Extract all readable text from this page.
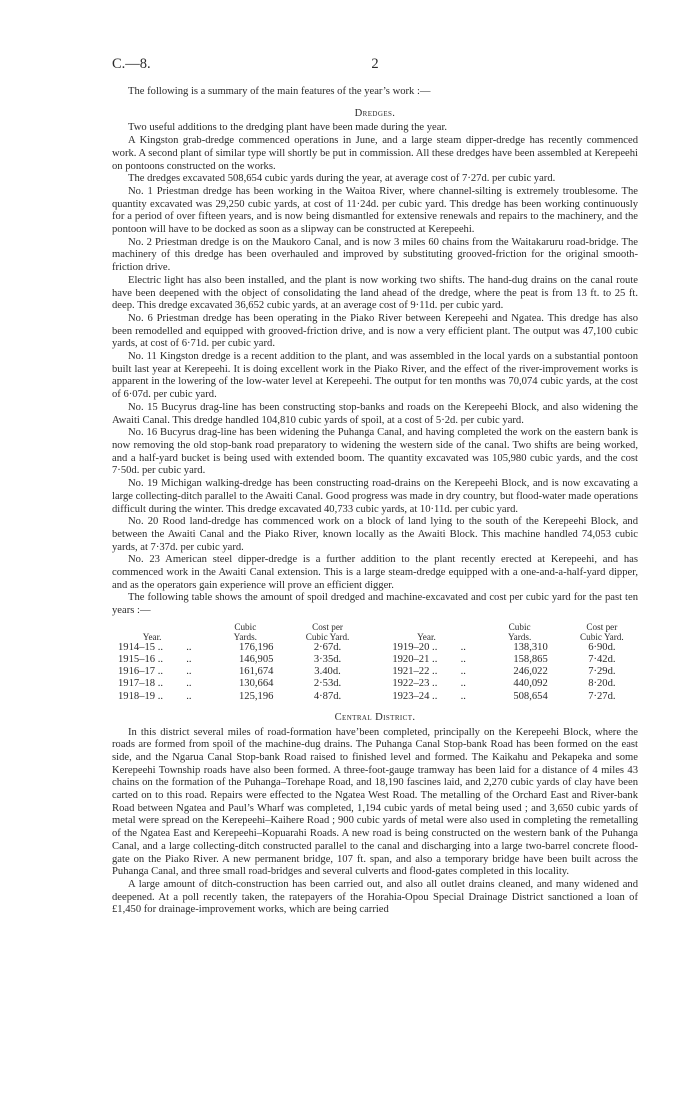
C.—8.	2

The following is a summary of the main features of the year’s work :—

Dredges.

Two useful additions to the dredging plant have been made during the year.

A Kingston grab-dredge commenced operations in June, and a large steam dipper-dredge has recently commenced work. A second plant of similar type will shortly be put in commission. All these dredges have been assembled at Kerepeehi on pontoons constructed on the works.

The dredges excavated 508,654 cubic yards during the year, at average cost of 7·27d. per cubic yard.

No. 1 Priestman dredge has been working in the Waitoa River, where channel-silting is extremely troublesome. The quantity excavated was 29,250 cubic yards, at cost of 11·24d. per cubic yard. This dredge has been working continuously for a period of over fifteen years, and is now being dismantled for extensive renewals and repairs to the machinery, and the pontoon will have to be docked as soon as a slipway can be constructed at Kerepeehi.

No. 2 Priestman dredge is on the Maukoro Canal, and is now 3 miles 60 chains from the Waitakaruru road-bridge. The machinery of this dredge has been overhauled and improved by substituting grooved-friction for the original smooth-friction drive.

Electric light has also been installed, and the plant is now working two shifts. The hand-dug drains on the canal route have been deepened with the object of consolidating the land ahead of the dredge, where the peat is from 13 ft. to 25 ft. deep. This dredge excavated 36,652 cubic yards, at an average cost of 9·11d. per cubic yard.

No. 6 Priestman dredge has been operating in the Piako River between Kerepeehi and Ngatea. This dredge has also been remodelled and equipped with grooved-friction drive, and is now a very efficient plant. The output was 47,100 cubic yards, at cost of 6·71d. per cubic yard.

No. 11 Kingston dredge is a recent addition to the plant, and was assembled in the local yards on a substantial pontoon built last year at Kerepeehi. It is doing excellent work in the Piako River, and the effect of the river-improvement works is apparent in the lowering of the low-water level at Kerepeehi. The output for ten months was 70,074 cubic yards, at the cost of 6·07d. per cubic yard.

No. 15 Bucyrus drag-line has been constructing stop-banks and roads on the Kerepeehi Block, and also widening the Awaiti Canal. This dredge handled 104,810 cubic yards of spoil, at a cost of 5·2d. per cubic yard.

No. 16 Bucyrus drag-line has been widening the Puhanga Canal, and having completed the work on the eastern bank is now removing the old stop-bank road preparatory to widening the western side of the canal. Two shifts are being worked, and a half-yard bucket is being used with extended boom. The quantity excavated was 105,980 cubic yards, and the cost 7·50d. per cubic yard.

No. 19 Michigan walking-dredge has been constructing road-drains on the Kerepeehi Block, and is now excavating a large collecting-ditch parallel to the Awaiti Canal. Good progress was made in dry country, but flood-water made operations difficult during the winter. This dredge excavated 40,733 cubic yards, at 10·11d. per cubic yard.

No. 20 Rood land-dredge has commenced work on a block of land lying to the south of the Kerepeehi Block, and between the Awaiti Canal and the Piako River, known locally as the Awaiti Block. This machine handled 74,053 cubic yards, at 7·37d. per cubic yard.

No. 23 American steel dipper-dredge is a further addition to the plant recently erected at Kerepeehi, and has commenced work in the Awaiti Canal extension. This is a large steam-dredge equipped with a one-and-a-half-yard dipper, and as the operators gain experience will prove an efficient digger.

The following table shows the amount of spoil dredged and machine-excavated and cost per cubic yard for the past ten years :—

Year.		Cubic	Cost per		Year.		Cubic	Cost per
		Yards.	Cubic Yard.				Yards.	Cubic Yard.
1914–15 ..	..	176,196	2·67d.		1919–20 ..	..	138,310	6·90d.
1915–16 ..	..	146,905	3·35d.		1920–21 ..	..	158,865	7·42d.
1916–17 ..	..	161,674	3.40d.		1921–22 ..	..	246,022	7·29d.
1917–18 ..	..	130,664	2·53d.		1922–23 ..	..	440,092	8·20d.
1918–19 ..	..	125,196	4·87d.		1923–24 ..	..	508,654	7·27d.
Central District.

In this district several miles of road-formation have’been completed, principally on the Kerepeehi Block, where the roads are formed from spoil of the machine-dug drains. The Puhanga Canal Stop-bank Road has been formed on the east side, and the Ngarua Canal Stop-bank Road raised to finished level and formed. The Kaikahu and Pekapeka and some Kerepeehi Township roads have also been formed. A three-foot-gauge tramway has been laid for a distance of 4 miles 43 chains on the formation of the Puhanga–Torehape Road, and 18,190 fascines laid, and 2,270 cubic yards of clay have been carted on to this road. Repairs were effected to the Ngatea West Road. The metalling of the Orchard East and River-bank Road between Ngatea and Paul’s Wharf was completed, 1,194 cubic yards of metal being used ; and 3,650 cubic yards of metal were spread on the Kerepeehi–Kaihere Road ; 900 cubic yards of metal were also used in completing the remetalling of the Ngatea East and Kerepeehi–Kopuarahi Roads. A new road is being constructed on the western bank of the Puhanga Canal, and a large collecting-ditch constructed parallel to the canal and discharging into a large two-barrel concrete flood-gate on the Piako River. A new permanent bridge, 107 ft. span, and also a temporary bridge have been built across the Puhanga Canal, and three small road-bridges and several culverts and flood-gates completed in this locality.

A large amount of ditch-construction has been carried out, and also all outlet drains cleaned, and many widened and deepened. At a poll recently taken, the ratepayers of the Horahia-Opou Special Drainage District sanctioned a loan of £1,450 for drainage-improvement works, which are being carried
